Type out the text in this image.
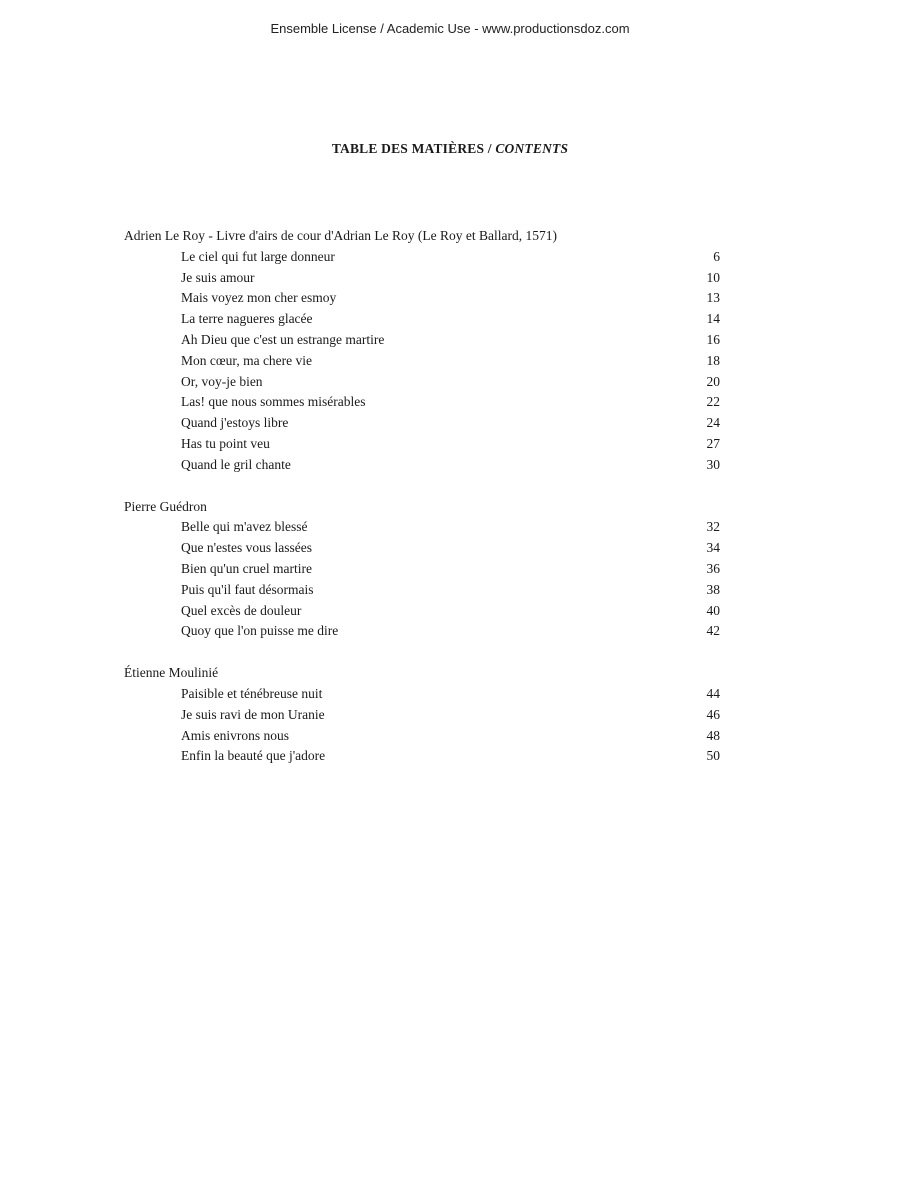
Ensemble License / Academic Use - www.productionsdoz.com
TABLE DES MATIÈRES / CONTENTS
Adrien Le Roy - Livre d'airs de cour d'Adrian Le Roy (Le Roy et Ballard, 1571)
Le ciel qui fut large donneur	6
Je suis amour	10
Mais voyez mon cher esmoy	13
La terre nagueres glacée	14
Ah Dieu que c'est un estrange martire	16
Mon cœur, ma chere vie	18
Or, voy-je bien	20
Las! que nous sommes misérables	22
Quand j'estoys libre	24
Has tu point veu	27
Quand le gril chante	30
Pierre Guédron
Belle qui m'avez blessé	32
Que n'estes vous lassées	34
Bien qu'un cruel martire	36
Puis qu'il faut désormais	38
Quel excès de douleur	40
Quoy que l'on puisse me dire	42
Étienne Moulinié
Paisible et ténébreuse nuit	44
Je suis ravi de mon Uranie	46
Amis enivrons nous	48
Enfin la beauté que j'adore	50
